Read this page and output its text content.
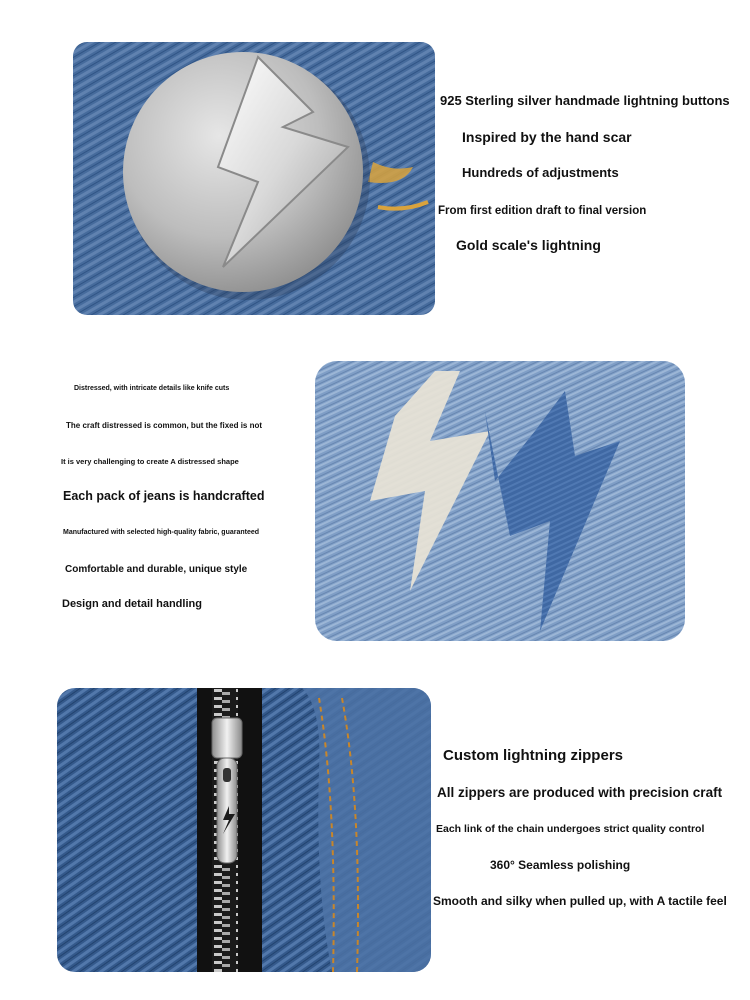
925 Sterling silver handmade lightning buttons
Inspired by the hand scar
Hundreds of adjustments
From first edition draft to final version
Gold scale's lightning
Distressed, with intricate details like knife cuts
The craft distressed is common, but the fixed is not
It is very challenging to create A distressed shape
Each pack of jeans is handcrafted
Manufactured with selected high-quality fabric, guaranteed
Comfortable and durable, unique style
Design and detail handling
Custom lightning zippers
All zippers are produced with precision craft
Each link of the chain undergoes strict quality control
360° Seamless polishing
Smooth and silky when pulled up, with A tactile feel
